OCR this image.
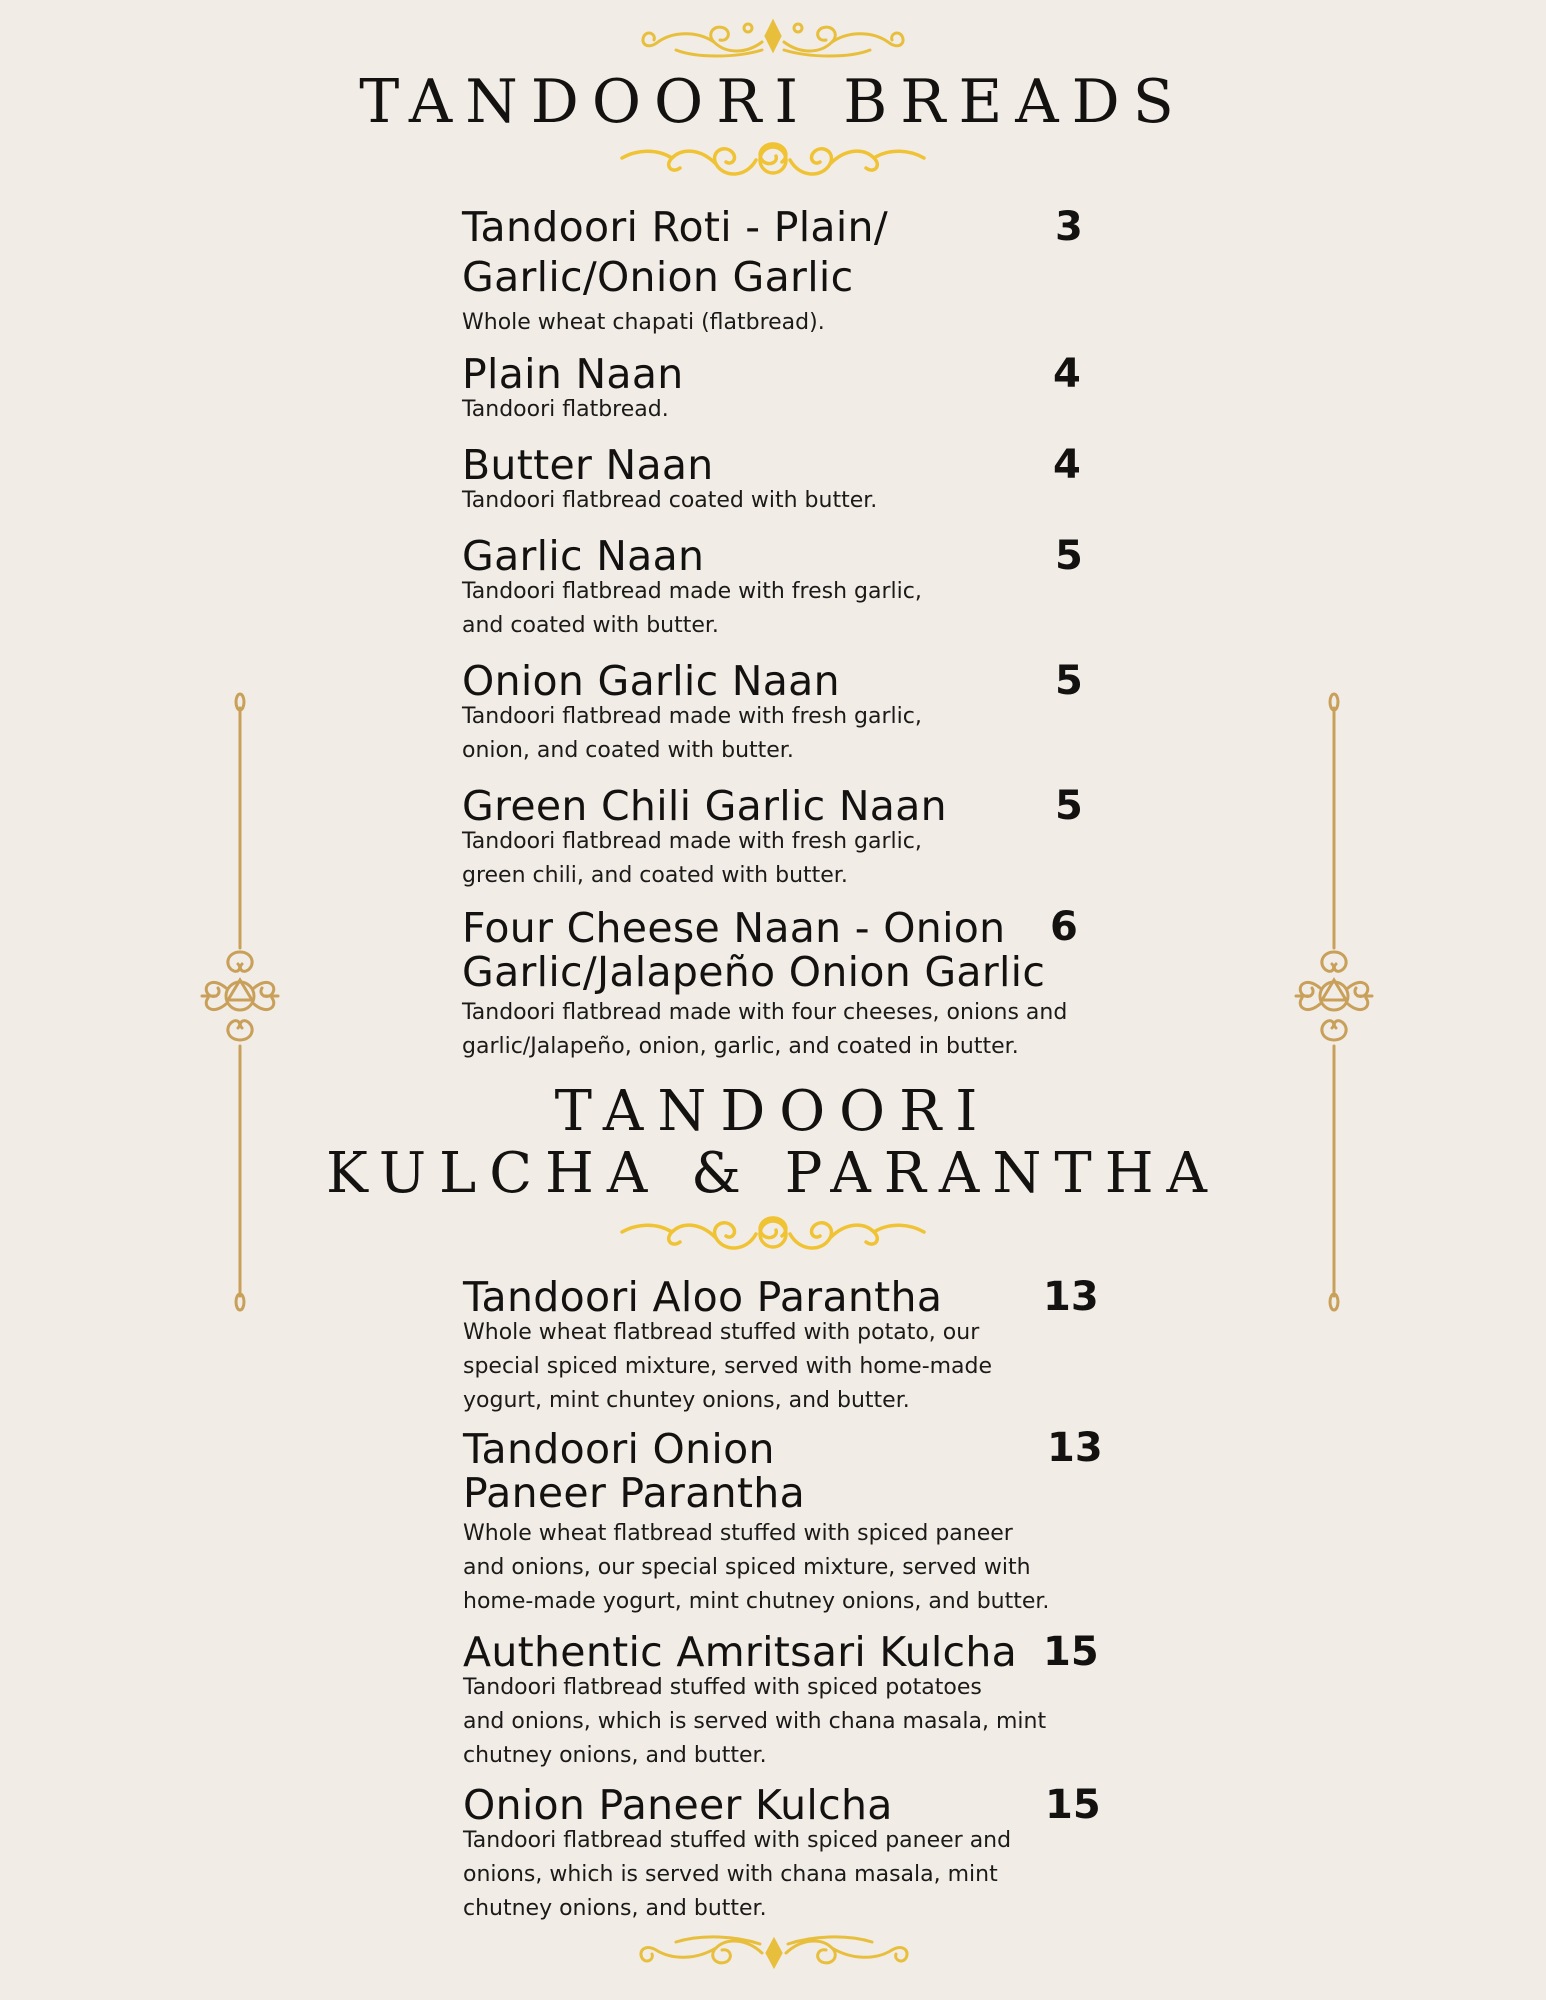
TANDOORI BREADS
Tandoori Roti - Plain/
Garlic/Onion Garlic
Whole wheat chapati (flatbread).
3
Plain Naan
Tandoori flatbread.
4
Butter Naan
Tandoori flatbread coated with butter.
4
Garlic Naan
Tandoori flatbread made with fresh garlic,
and coated with butter.
5
Onion Garlic Naan
Tandoori flatbread made with fresh garlic,
onion, and coated with butter.
5
Green Chili Garlic Naan
Tandoori flatbread made with fresh garlic,
green chili, and coated with butter.
5
Four Cheese Naan - Onion
Garlic/Jalapeño Onion Garlic
Tandoori flatbread made with four cheeses, onions and
garlic/Jalapeño, onion, garlic, and coated in butter.
6
TANDOORI
KULCHA & PARANTHA
Tandoori Aloo Parantha
Whole wheat flatbread stuffed with potato, our
special spiced mixture, served with home-made
yogurt, mint chuntey onions, and butter.
13
Tandoori Onion
Paneer Parantha
Whole wheat flatbread stuffed with spiced paneer
and onions, our special spiced mixture, served with
home-made yogurt, mint chutney onions, and butter.
13
Authentic Amritsari Kulcha
Tandoori flatbread stuffed with spiced potatoes
and onions, which is served with chana masala, mint
chutney onions, and butter.
15
Onion Paneer Kulcha
Tandoori flatbread stuffed with spiced paneer and
onions, which is served with chana masala, mint
chutney onions, and butter.
15
